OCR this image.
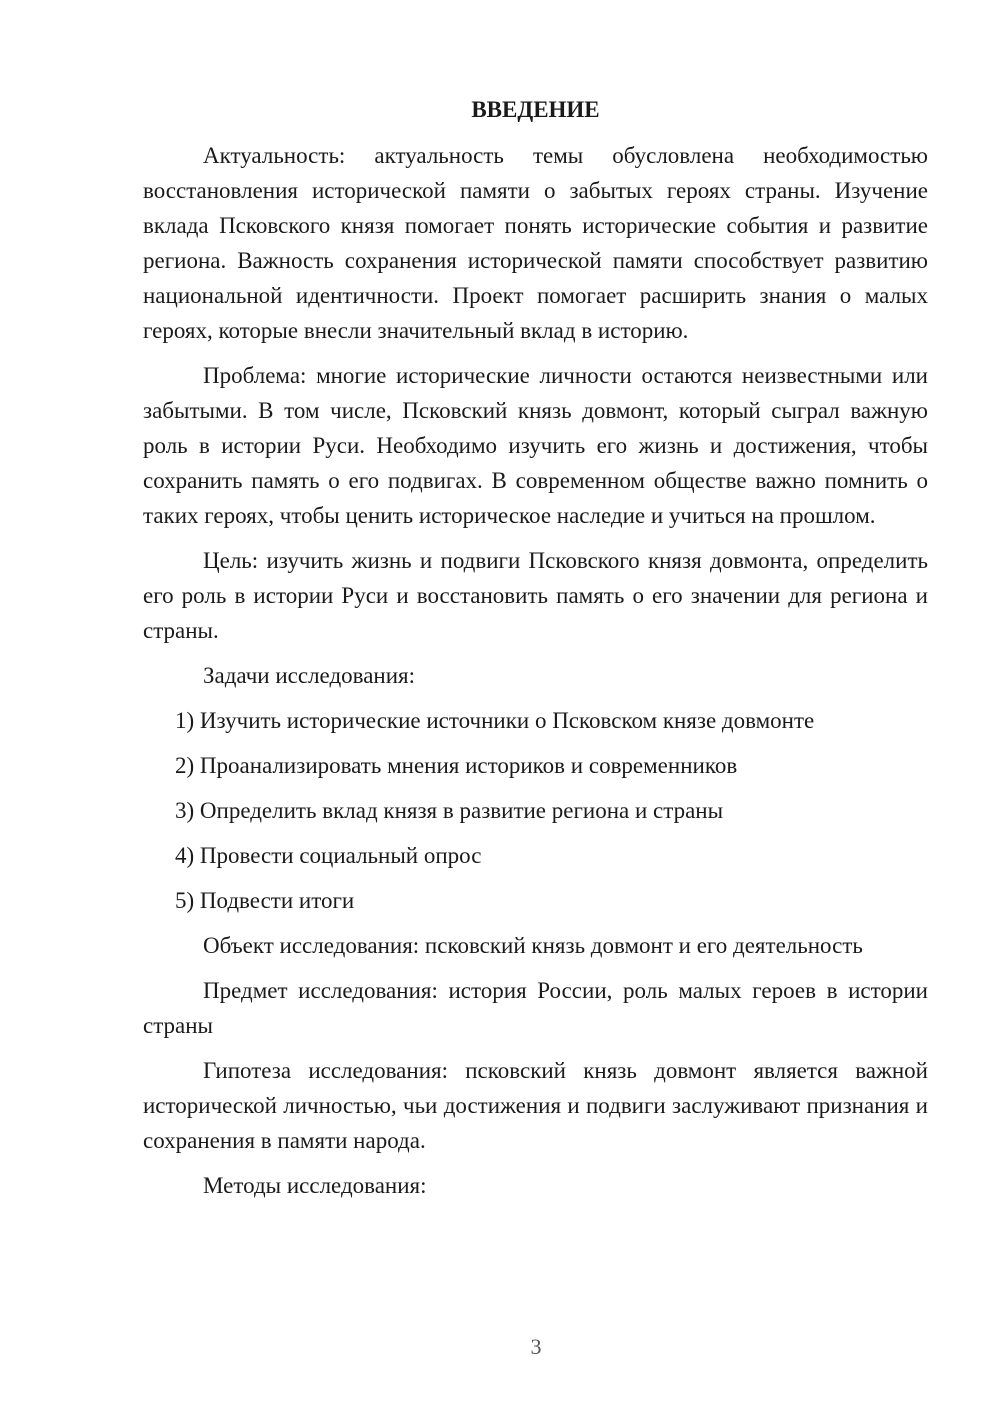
ВВЕДЕНИЕ

Актуальность: актуальность темы обусловлена необходимостью восстановления исторической памяти о забытых героях страны. Изучение вклада Псковского князя помогает понять исторические события и развитие региона. Важность сохранения исторической памяти способствует развитию национальной идентичности. Проект помогает расширить знания о малых героях, которые внесли значительный вклад в историю.

Проблема: многие исторические личности остаются неизвестными или забытыми. В том числе, Псковский князь довмонт, который сыграл важную роль в истории Руси. Необходимо изучить его жизнь и достижения, чтобы сохранить память о его подвигах. В современном обществе важно помнить о таких героях, чтобы ценить историческое наследие и учиться на прошлом.

Цель: изучить жизнь и подвиги Псковского князя довмонта, определить его роль в истории Руси и восстановить память о его значении для региона и страны.

Задачи исследования:
1) Изучить исторические источники о Псковском князе довмонте
2) Проанализировать мнения историков и современников
3) Определить вклад князя в развитие региона и страны
4) Провести социальный опрос
5) Подвести итоги
Объект исследования: псковский князь довмонт и его деятельность

Предмет исследования: история России, роль малых героев в истории страны

Гипотеза исследования: псковский князь довмонт является важной исторической личностью, чьи достижения и подвиги заслуживают признания и сохранения в памяти народа.

Методы исследования:
3
